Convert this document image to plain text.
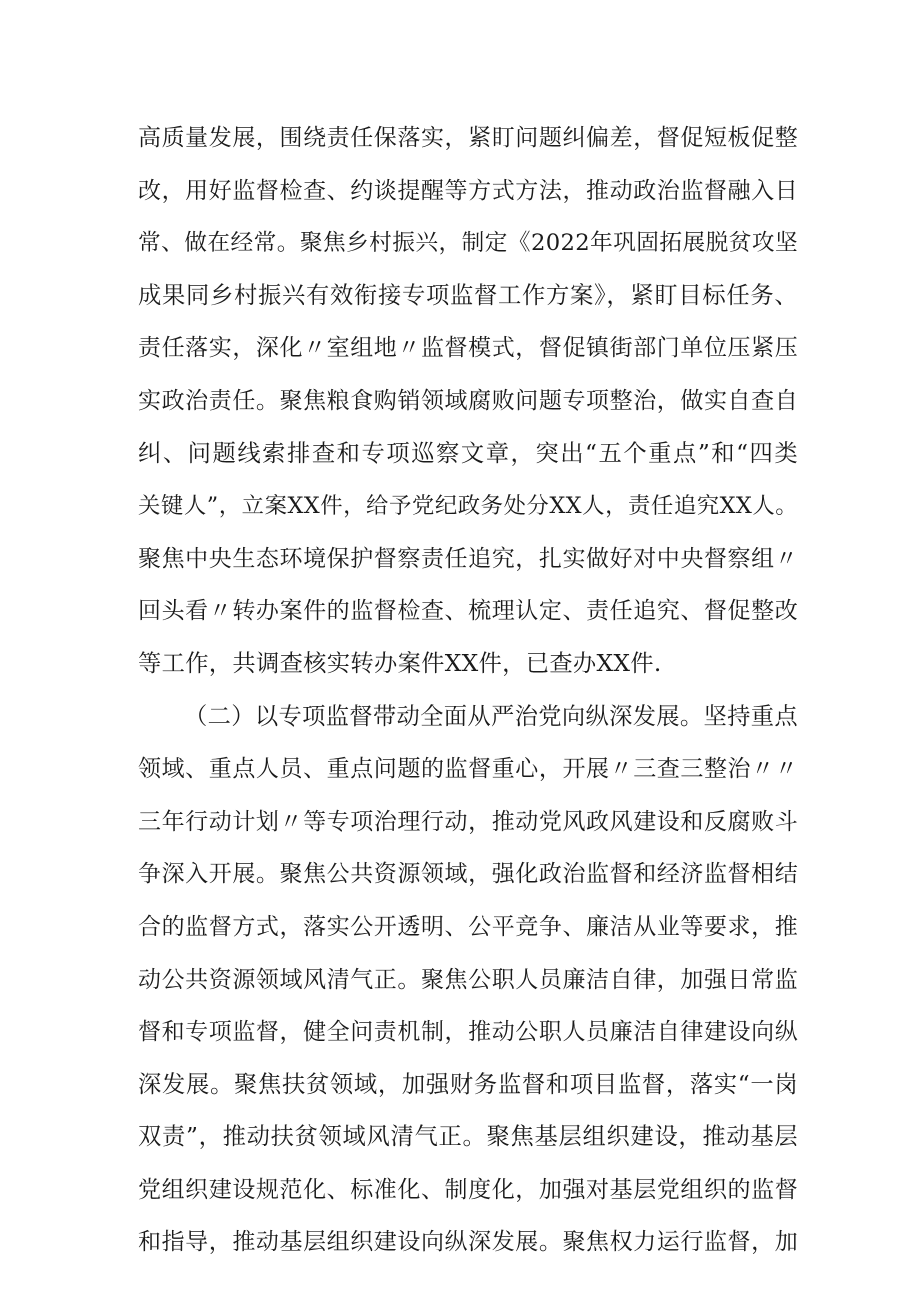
高质量发展，围绕责任保落实，紧盯问题纠偏差，督促短板促整
改，用好监督检查、约谈提醒等方式方法，推动政治监督融入日
常、做在经常。聚焦乡村振兴，制定《2022年巩固拓展脱贫攻坚
成果同乡村振兴有效衔接专项监督工作方案》，紧盯目标任务、
责任落实，深化〃室组地〃监督模式，督促镇街部门单位压紧压
实政治责任。聚焦粮食购销领域腐败问题专项整治，做实自查自
纠、问题线索排查和专项巡察文章，突出“五个重点”和“四类
关键人”，立案XX件，给予党纪政务处分XX人，责任追究XX人。
聚焦中央生态环境保护督察责任追究，扎实做好对中央督察组〃
回头看〃转办案件的监督检查、梳理认定、责任追究、督促整改
等工作，共调查核实转办案件XX件，已查办XX件.
（二）以专项监督带动全面从严治党向纵深发展。坚持重点
领域、重点人员、重点问题的监督重心，开展〃三查三整治〃〃
三年行动计划〃等专项治理行动，推动党风政风建设和反腐败斗
争深入开展。聚焦公共资源领域，强化政治监督和经济监督相结
合的监督方式，落实公开透明、公平竞争、廉洁从业等要求，推
动公共资源领域风清气正。聚焦公职人员廉洁自律，加强日常监
督和专项监督，健全问责机制，推动公职人员廉洁自律建设向纵
深发展。聚焦扶贫领域，加强财务监督和项目监督，落实“一岗
双责”，推动扶贫领域风清气正。聚焦基层组织建设，推动基层
党组织建设规范化、标准化、制度化，加强对基层党组织的监督
和指导，推动基层组织建设向纵深发展。聚焦权力运行监督，加
